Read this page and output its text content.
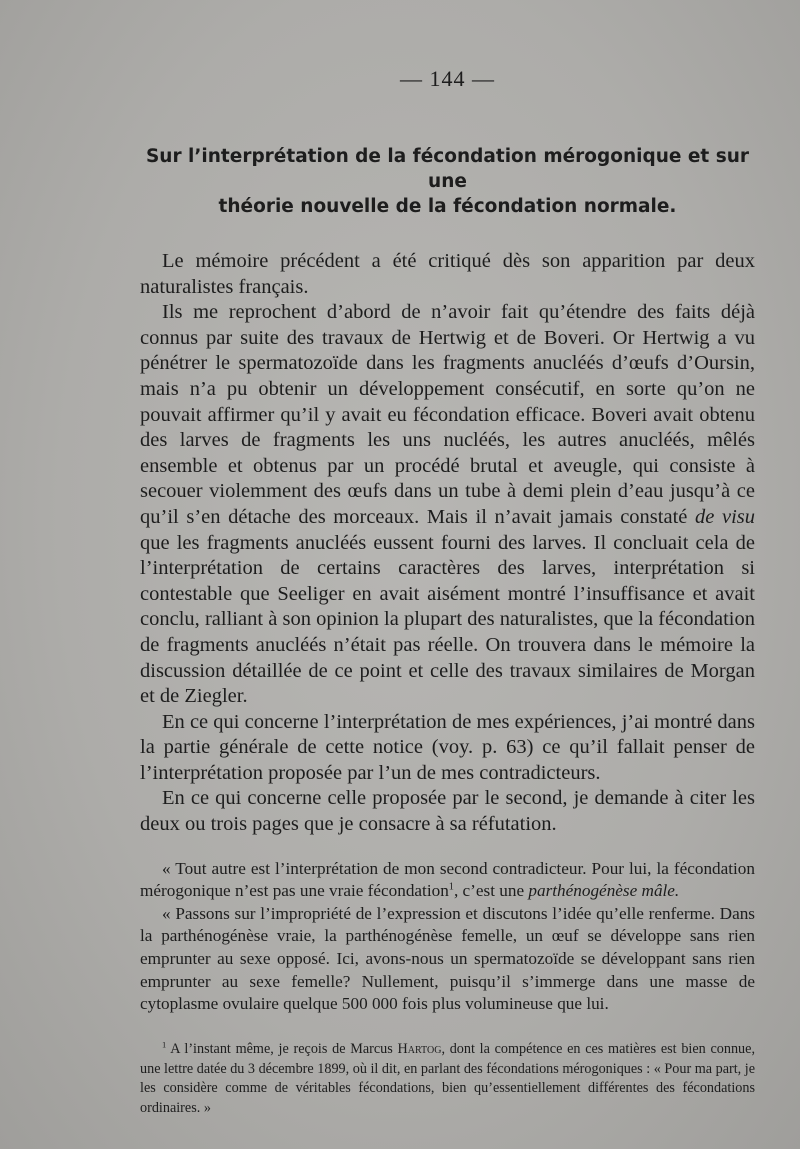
— 144 —
Sur l’interprétation de la fécondation mérogonique et sur une
théorie nouvelle de la fécondation normale.

Le mémoire précédent a été critiqué dès son apparition par deux naturalistes français.

Ils me reprochent d’abord de n’avoir fait qu’étendre des faits déjà connus par suite des travaux de Hertwig et de Boveri. Or Hertwig a vu pénétrer le spermatozoïde dans les fragments anucléés d’œufs d’Oursin, mais n’a pu obtenir un développement consécutif, en sorte qu’on ne pouvait affirmer qu’il y avait eu fécondation efficace. Boveri avait obtenu des larves de fragments les uns nucléés, les autres anucléés, mêlés ensemble et obtenus par un procédé brutal et aveugle, qui consiste à secouer violemment des œufs dans un tube à demi plein d’eau jusqu’à ce qu’il s’en détache des morceaux. Mais il n’avait jamais constaté de visu que les fragments anucléés eussent fourni des larves. Il concluait cela de l’interprétation de certains caractères des larves, interprétation si contestable que Seeliger en avait aisément montré l’insuffisance et avait conclu, ralliant à son opinion la plupart des naturalistes, que la fécondation de fragments anucléés n’était pas réelle. On trouvera dans le mémoire la discussion détaillée de ce point et celle des travaux similaires de Morgan et de Ziegler.

En ce qui concerne l’interprétation de mes expériences, j’ai montré dans la partie générale de cette notice (voy. p. 63) ce qu’il fallait penser de l’interprétation proposée par l’un de mes contradicteurs.

En ce qui concerne celle proposée par le second, je demande à citer les deux ou trois pages que je consacre à sa réfutation.

« Tout autre est l’interprétation de mon second contradicteur. Pour lui, la fécondation mérogonique n’est pas une vraie fécondation$^1$, c’est une parthénogénèse mâle.

« Passons sur l’impropriété de l’expression et discutons l’idée qu’elle renferme. Dans la parthénogénèse vraie, la parthénogénèse femelle, un œuf se développe sans rien emprunter au sexe opposé. Ici, avons-nous un spermatozoïde se développant sans rien emprunter au sexe femelle? Nullement, puisqu’il s’immerge dans une masse de cytoplasme ovulaire quelque 500 000 fois plus volumineuse que lui.

$^1$ A l’instant même, je reçois de Marcus Hartog, dont la compétence en ces matières est bien connue, une lettre datée du 3 décembre 1899, où il dit, en parlant des fécondations mérogoniques : « Pour ma part, je les considère comme de véritables fécondations, bien qu’essentiellement différentes des fécondations ordinaires. »
